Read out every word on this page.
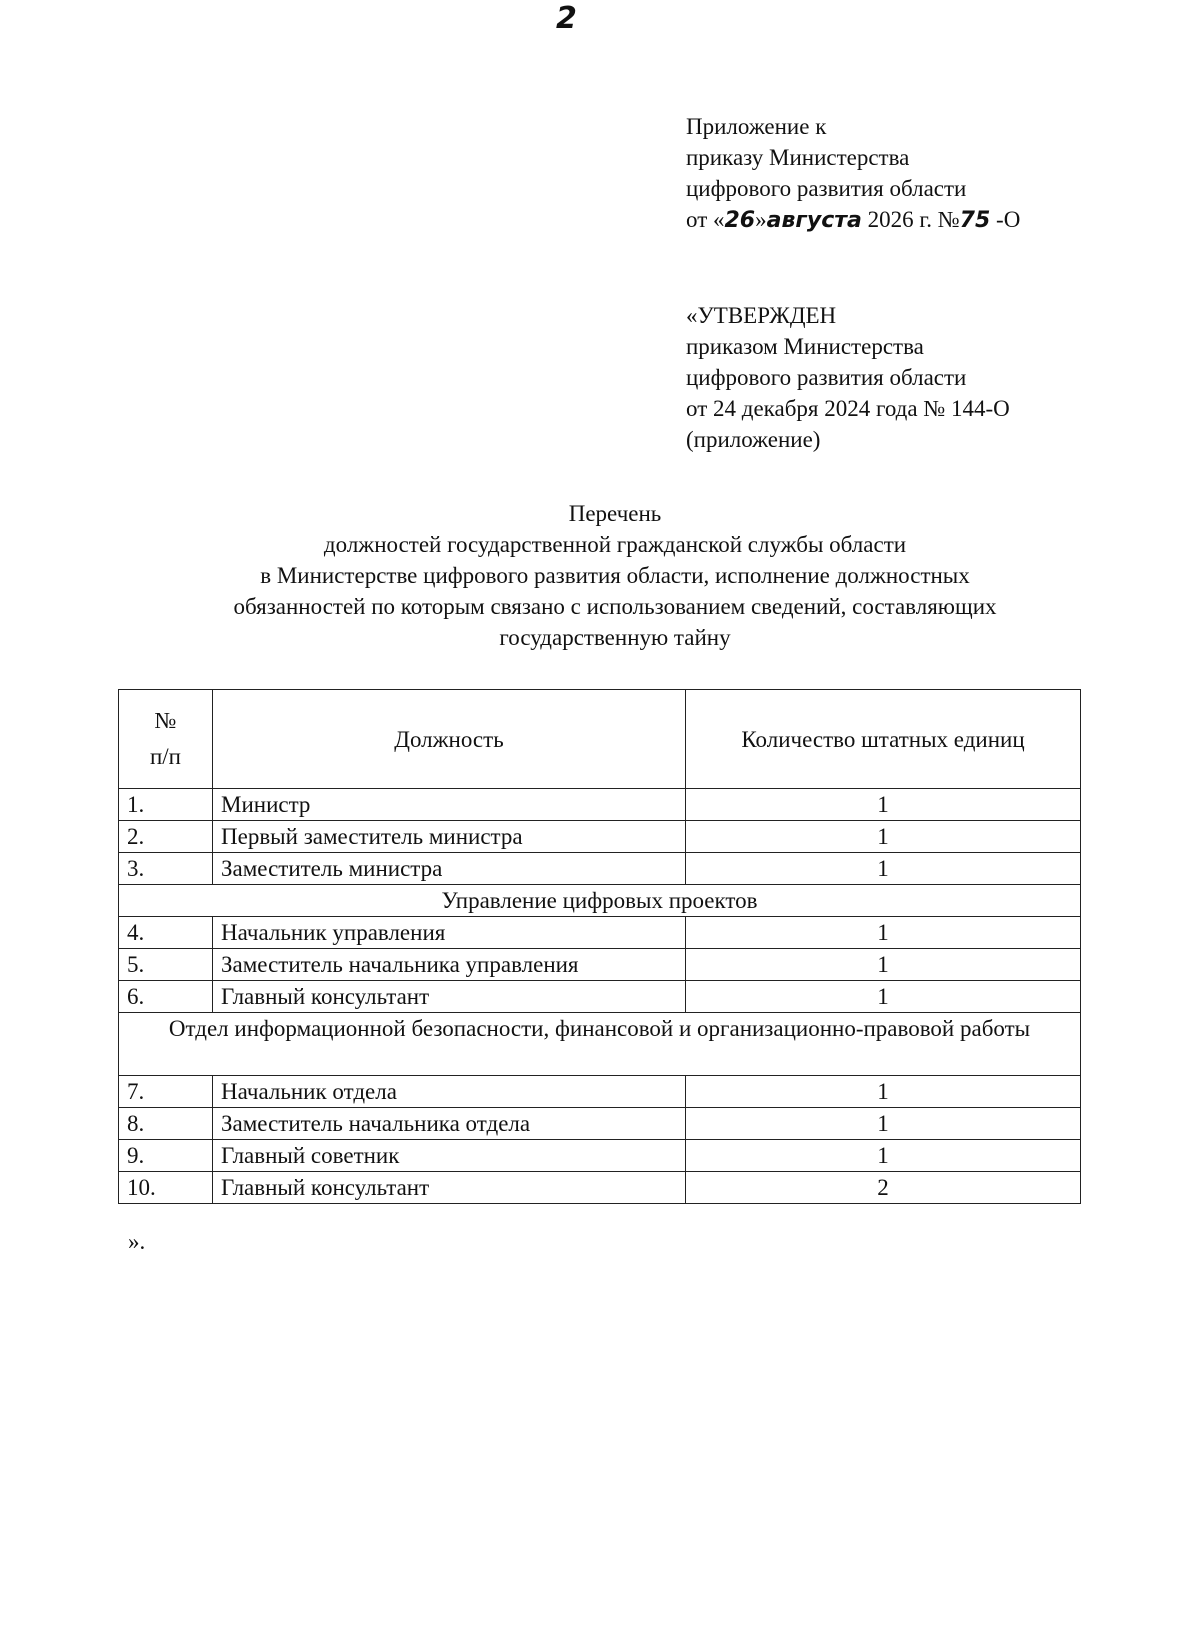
2
Приложение к
приказу Министерства
цифрового развития области
от «26»августа 2026 г. №75 -О
«УТВЕРЖДЕН
приказом Министерства
цифрового развития области
от 24 декабря 2024 года № 144-О
(приложение)
Перечень
должностей государственной гражданской службы области
в Министерстве цифрового развития области, исполнение должностных
обязанностей по которым связано с использованием сведений, составляющих
государственную тайну
№
п/п	Должность	Количество штатных единиц
1.	Министр	1
2.	Первый заместитель министра	1
3.	Заместитель министра	1
Управление цифровых проектов		
4.	Начальник управления	1
5.	Заместитель начальника управления	1
6.	Главный консультант	1
Отдел информационной безопасности, финансовой и организационно-правовой работы		
7.	Начальник отдела	1
8.	Заместитель начальника отдела	1
9.	Главный советник	1
10.	Главный консультант	2
».
